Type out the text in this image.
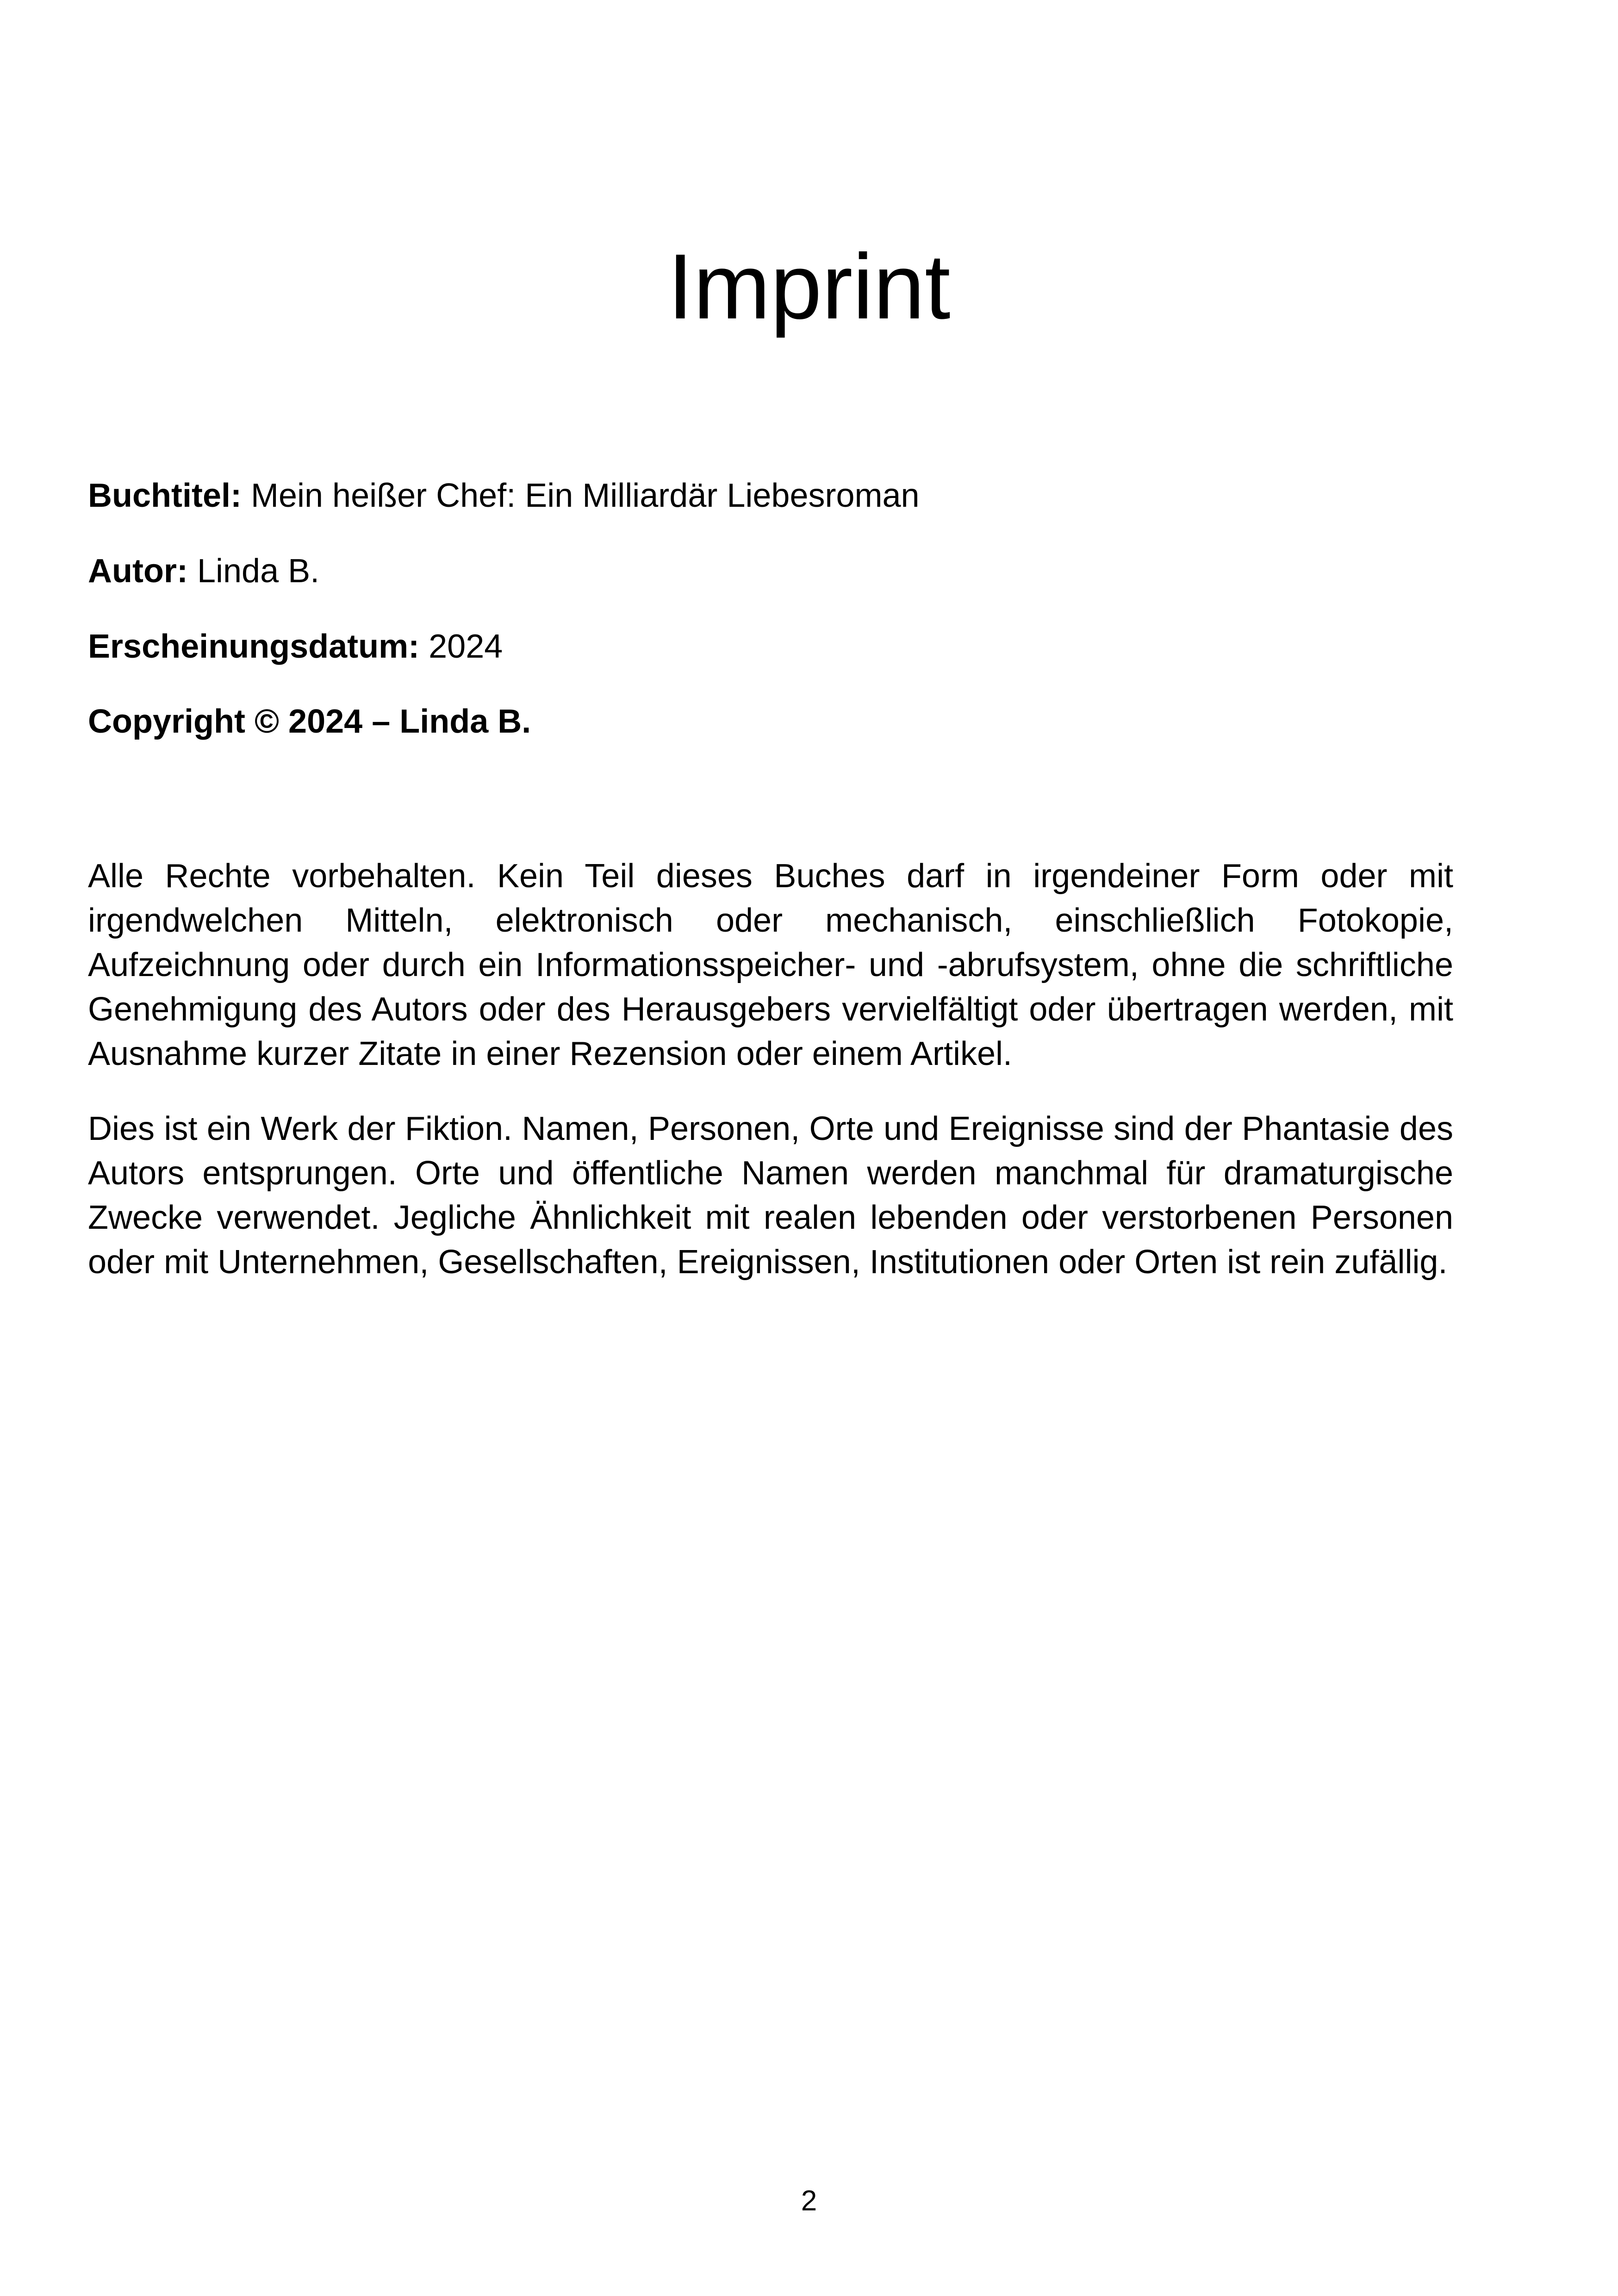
Imprint

Buchtitel: Mein heißer Chef: Ein Milliardär Liebesroman

Autor: Linda B.

Erscheinungsdatum: 2024

Copyright © 2024 – Linda B.

Alle Rechte vorbehalten. Kein Teil dieses Buches darf in irgendeiner Form oder mit irgendwelchen Mitteln, elektronisch oder mechanisch, einschließlich Fotokopie, Aufzeichnung oder durch ein Informationsspeicher- und -abrufsystem, ohne die schriftliche Genehmigung des Autors oder des Herausgebers vervielfältigt oder übertragen werden, mit Ausnahme kurzer Zitate in einer Rezension oder einem Artikel.

Dies ist ein Werk der Fiktion. Namen, Personen, Orte und Ereignisse sind der Phantasie des Autors entsprungen. Orte und öffentliche Namen werden manchmal für dramaturgische Zwecke verwendet. Jegliche Ähnlichkeit mit realen lebenden oder verstorbenen Personen oder mit Unternehmen, Gesellschaften, Ereignissen, Institutionen oder Orten ist rein zufällig.

2
